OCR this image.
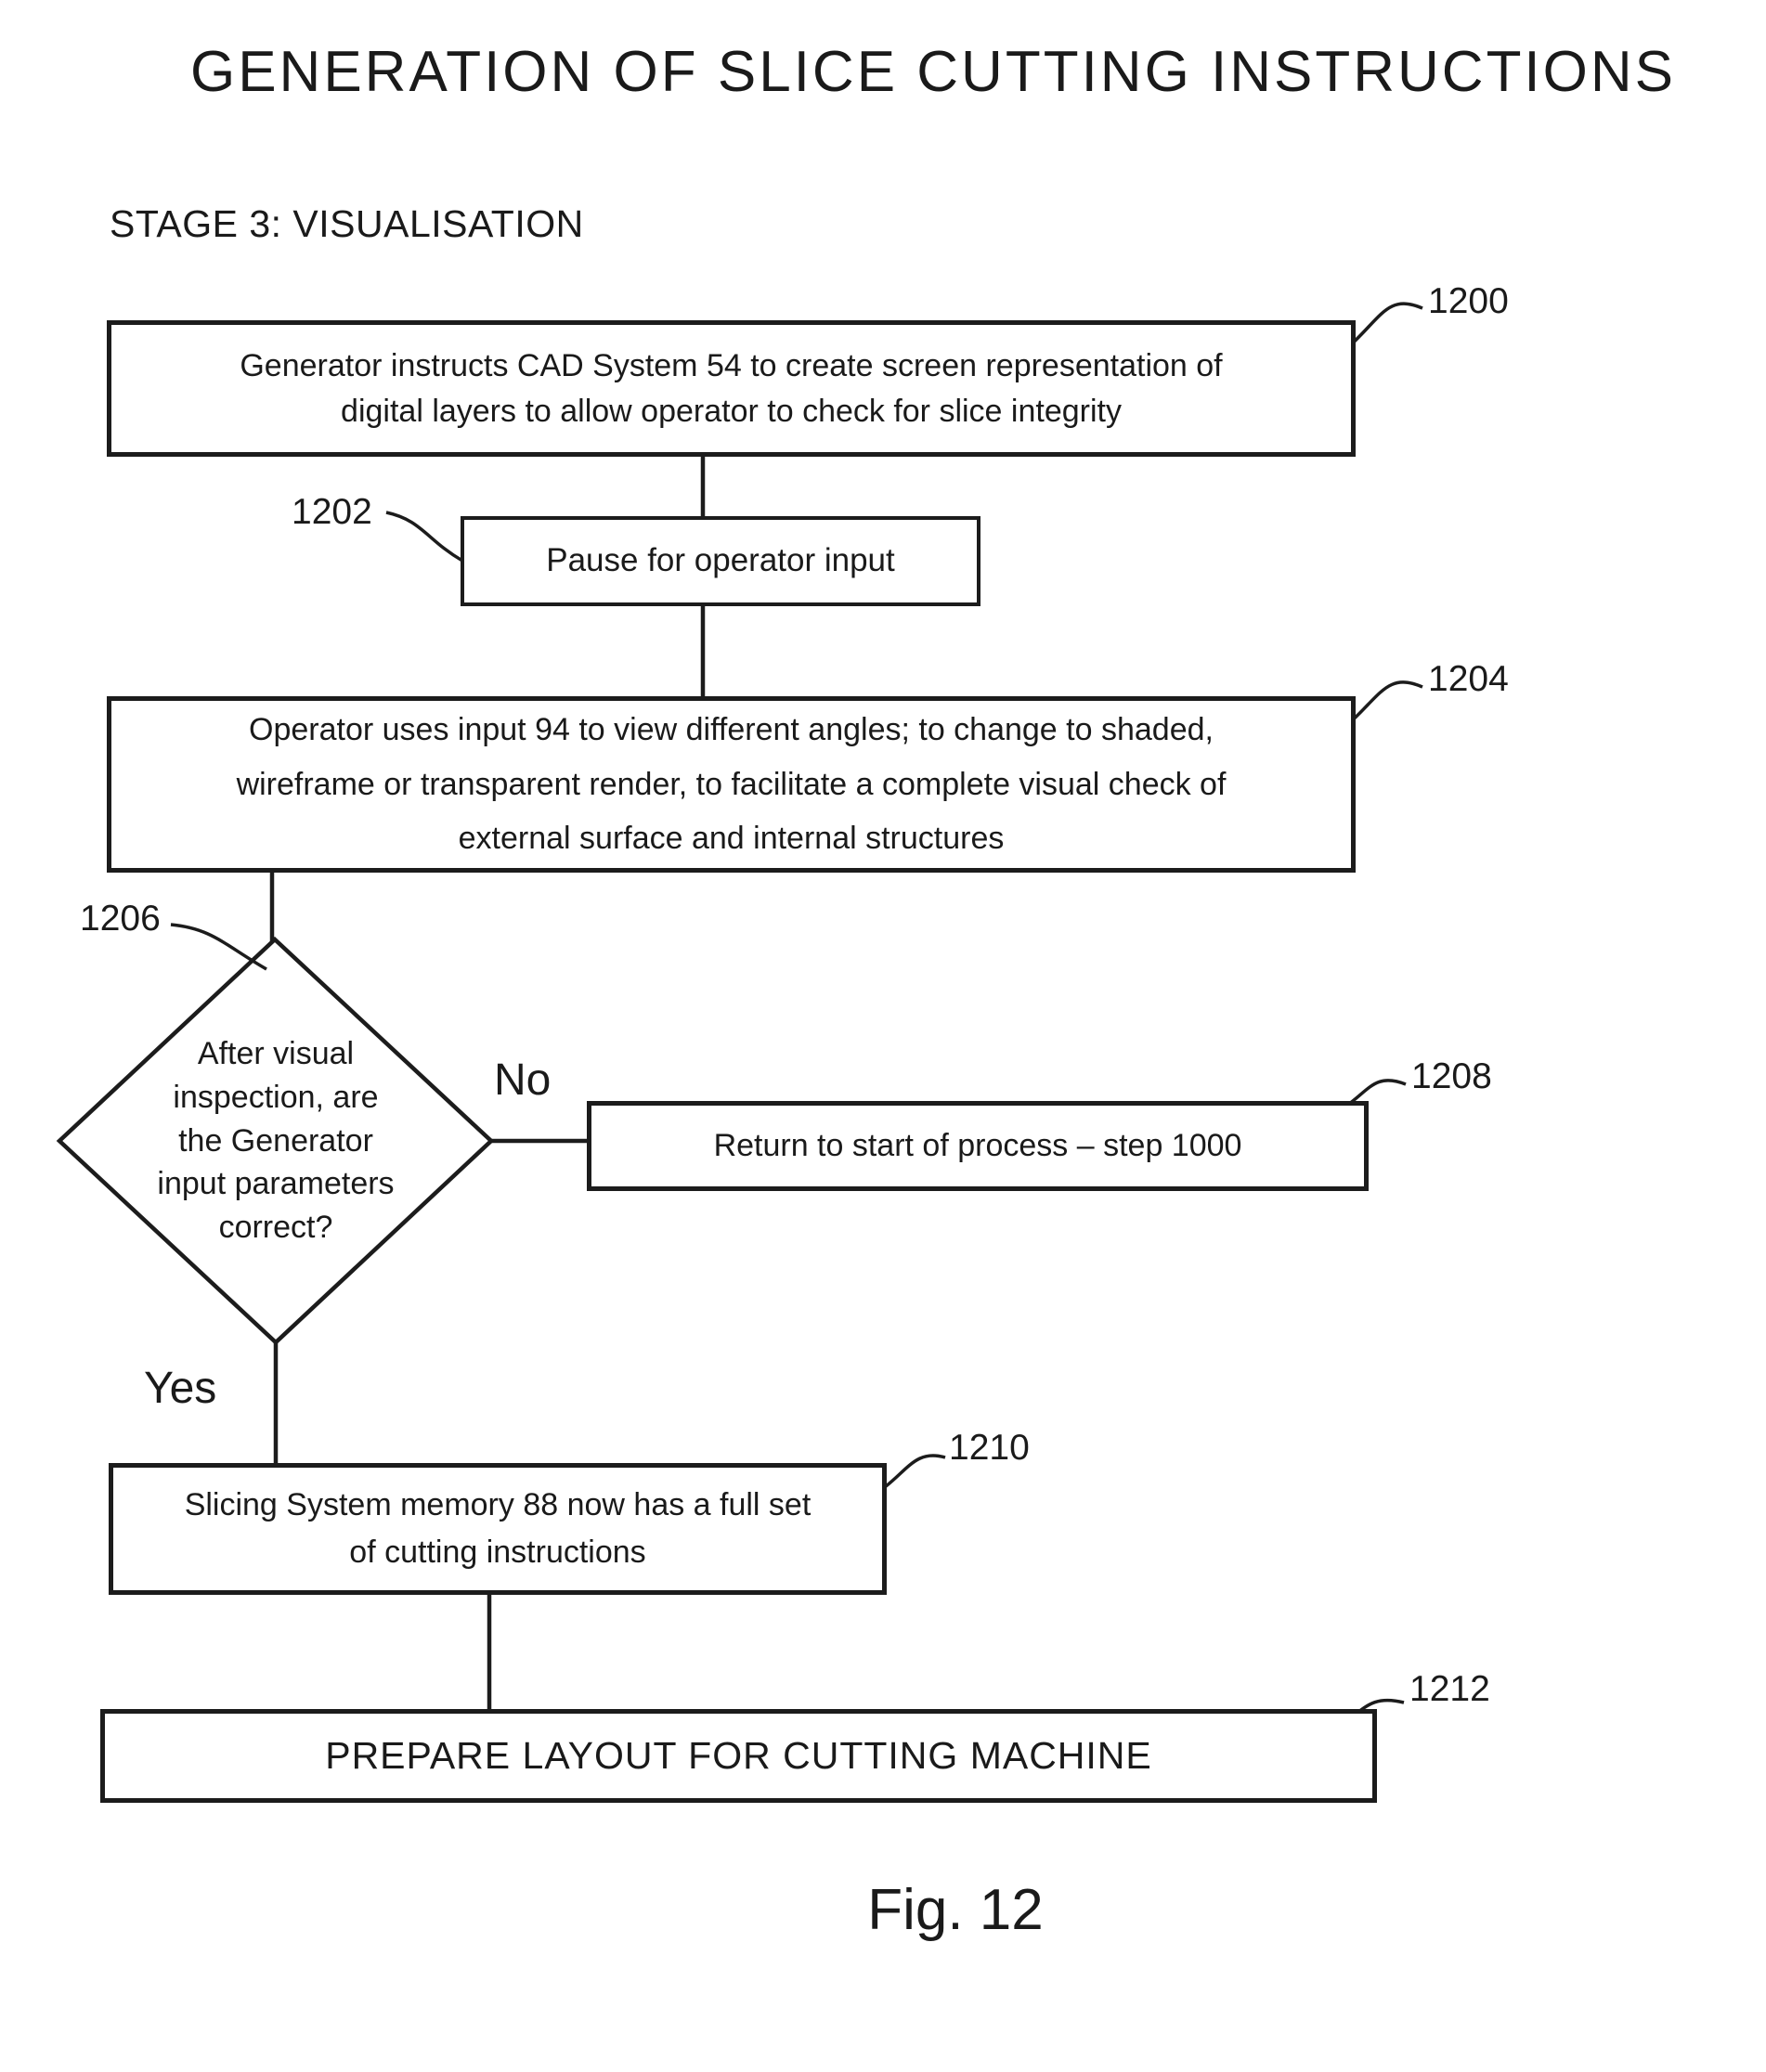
GENERATION OF SLICE CUTTING INSTRUCTIONS
STAGE 3: VISUALISATION
Generator instructs CAD System 54 to create screen representation of
digital layers to allow operator to check for slice integrity
Pause for operator input
Operator uses input 94 to view different angles; to change to shaded,
wireframe or transparent render, to facilitate a complete visual check of
external surface and internal structures
Return to start of process – step 1000
Slicing System memory 88 now has a full set
of cutting instructions
PREPARE LAYOUT FOR CUTTING MACHINE
After visual
inspection, are
the Generator
input parameters
correct?
1200
1202
1204
1206
1208
1210
1212
No
Yes
Fig. 12
